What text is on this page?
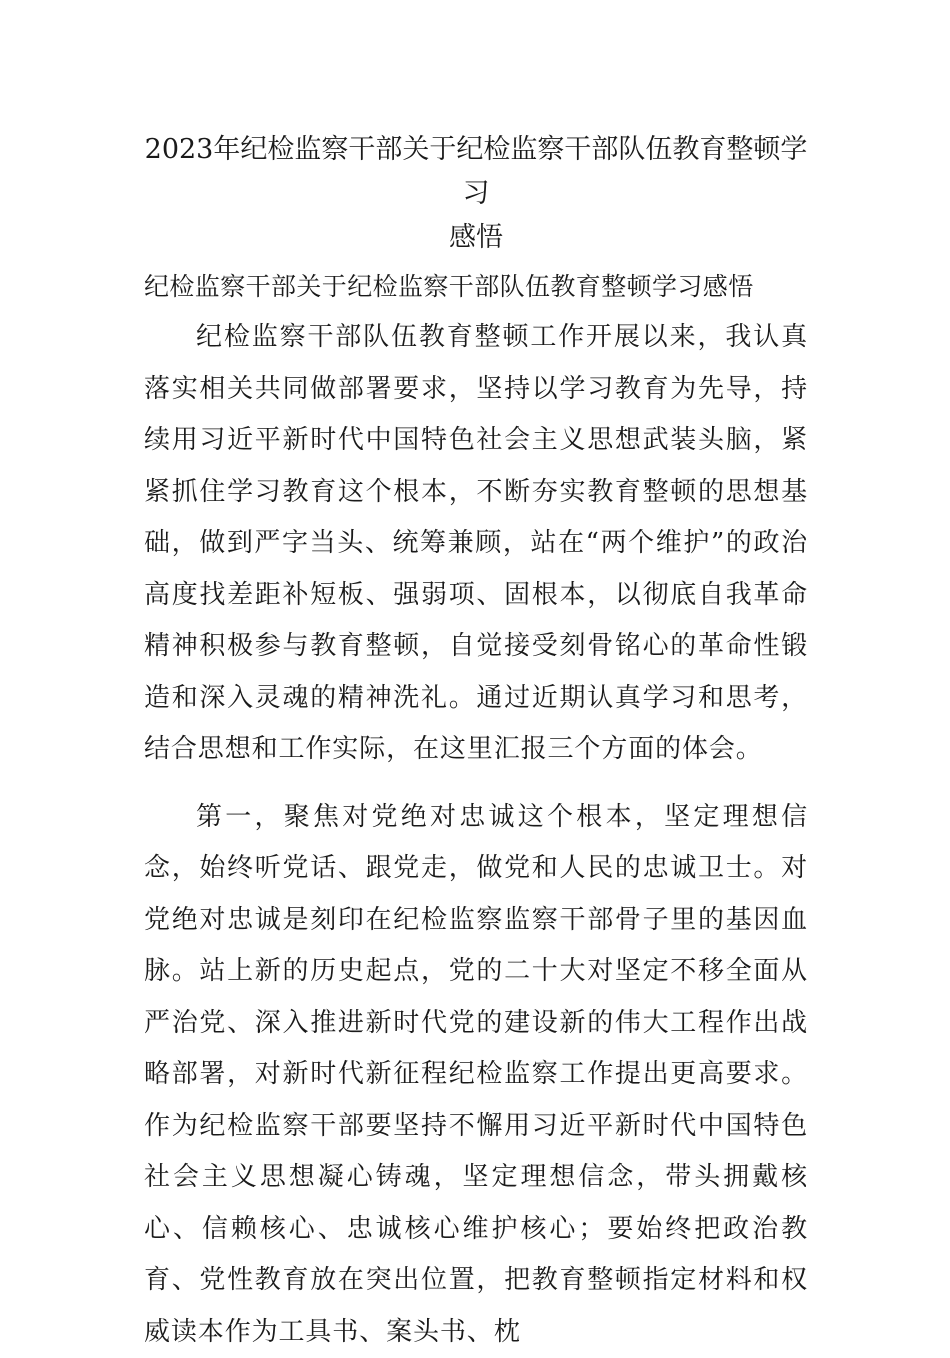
2023年纪检监察干部关于纪检监察干部队伍教育整顿学习
感悟

纪检监察干部关于纪检监察干部队伍教育整顿学习感悟

纪检监察干部队伍教育整顿工作开展以来，我认真落实相关共同做部署要求，坚持以学习教育为先导，持续用习近平新时代中国特色社会主义思想武装头脑，紧紧抓住学习教育这个根本，不断夯实教育整顿的思想基础，做到严字当头、统筹兼顾，站在“两个维护”的政治高度找差距补短板、强弱项、固根本，以彻底自我革命精神积极参与教育整顿，自觉接受刻骨铭心的革命性锻造和深入灵魂的精神洗礼。通过近期认真学习和思考，结合思想和工作实际，在这里汇报三个方面的体会。

第一，聚焦对党绝对忠诚这个根本，坚定理想信念，始终听党话、跟党走，做党和人民的忠诚卫士。对党绝对忠诚是刻印在纪检监察监察干部骨子里的基因血脉。站上新的历史起点，党的二十大对坚定不移全面从严治党、深入推进新时代党的建设新的伟大工程作出战略部署，对新时代新征程纪检监察工作提出更高要求。作为纪检监察干部要坚持不懈用习近平新时代中国特色社会主义思想凝心铸魂，坚定理想信念，带头拥戴核心、信赖核心、忠诚核心维护核心；要始终把政治教育、党性教育放在突出位置，把教育整顿指定材料和权威读本作为工具书、案头书、枕
